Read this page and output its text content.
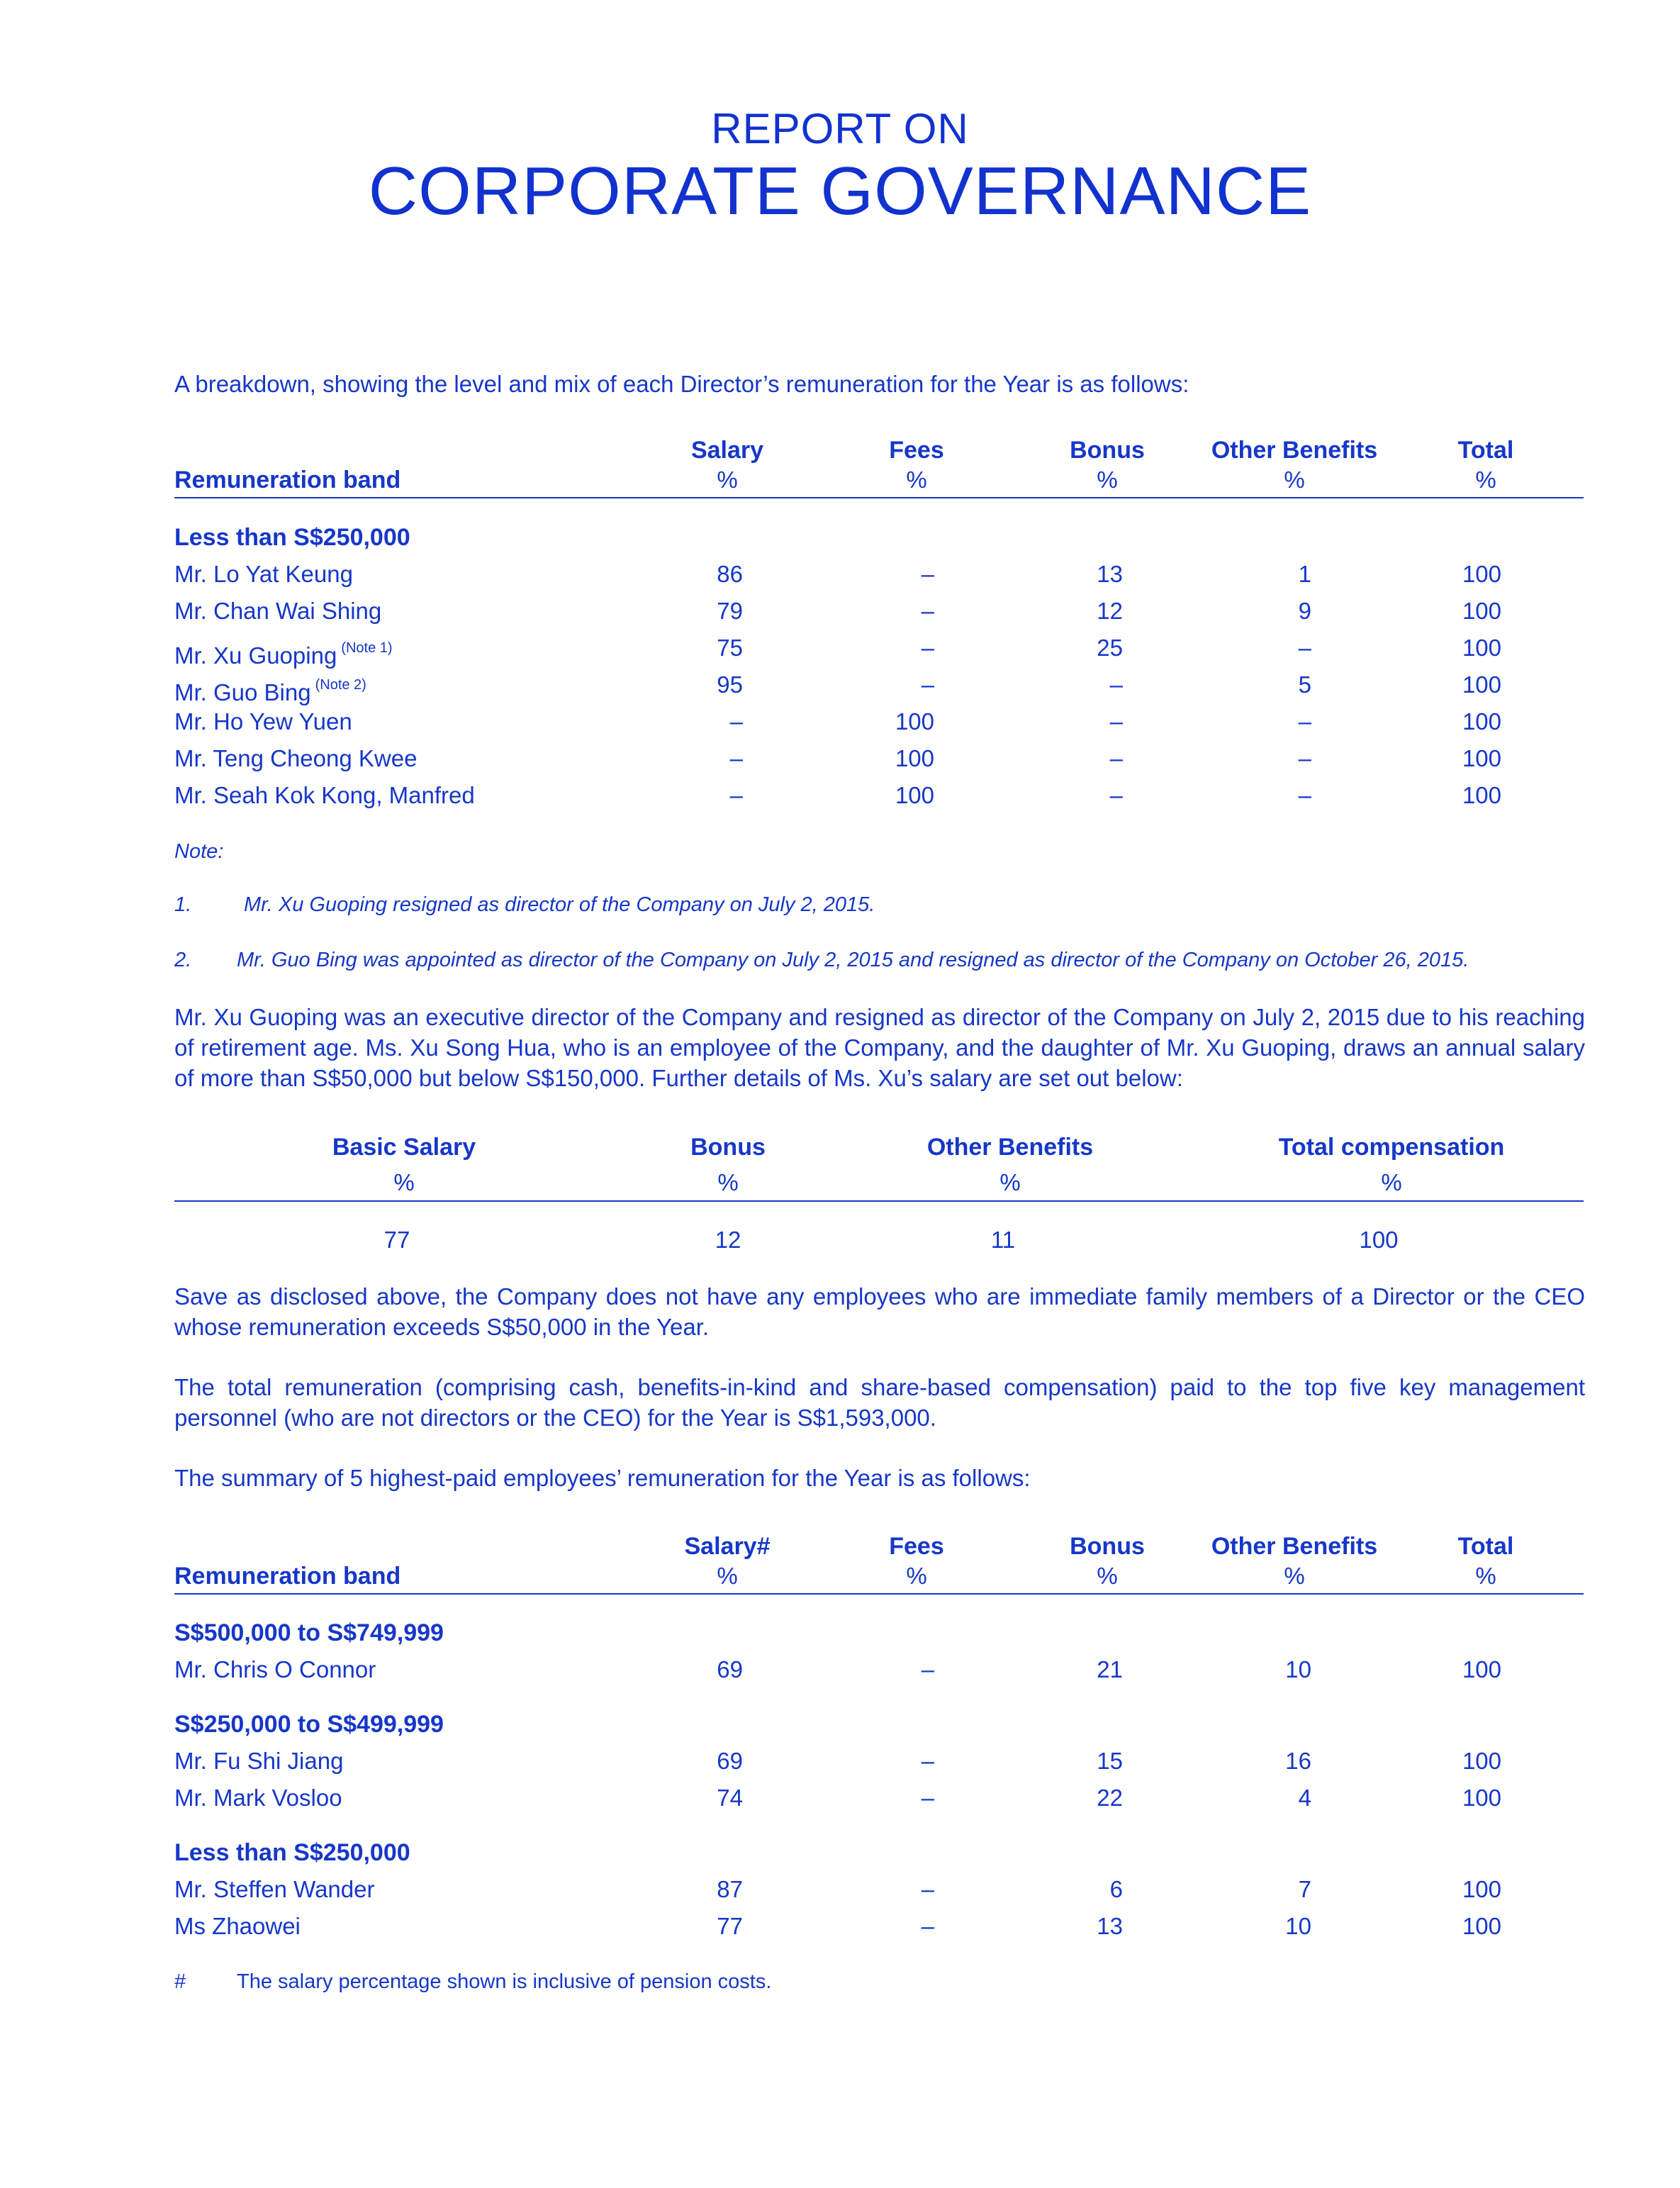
REPORT ON
CORPORATE GOVERNANCE

A breakdown, showing the level and mix of each Director’s remuneration for the Year is as follows:

Remuneration band
Salary	Fees	Bonus	Other Benefits	Total
%	%	%	%	%
Less than S$250,000
Mr. Lo Yat Keung	86	–	13	1	100
Mr. Chan Wai Shing	79	–	12	9	100
Mr. Xu Guoping $^{(Note 1)}$	75	–	25	–	100
Mr. Guo Bing $^{(Note 2)}$	95	–	–	5	100
Mr. Ho Yew Yuen	–	100	–	–	100
Mr. Teng Cheong Kwee	–	100	–	–	100
Mr. Seah Kok Kong, Manfred	–	100	–	–	100
Note:
1.	Mr. Xu Guoping resigned as director of the Company on July 2, 2015.
2. Mr. Guo Bing was appointed as director of the Company on July 2, 2015 and resigned as director of the Company on October 26, 2015.

Mr. Xu Guoping was an executive director of the Company and resigned as director of the Company on July 2, 2015 due to his reaching of retirement age. Ms. Xu Song Hua, who is an employee of the Company, and the daughter of Mr. Xu Guoping, draws an annual salary of more than S$50,000 but below S$150,000. Further details of Ms. Xu’s salary are set out below:

Basic Salary	Bonus	Other Benefits	Total compensation
%	%	%	%
77	12	11	100

Save as disclosed above, the Company does not have any employees who are immediate family members of a Director or the CEO whose remuneration exceeds S$50,000 in the Year.

The total remuneration (comprising cash, benefits-in-kind and share-based compensation) paid to the top five key management personnel (who are not directors or the CEO) for the Year is S$1,593,000.

The summary of 5 highest-paid employees’ remuneration for the Year is as follows:

Remuneration band
Salary#	Fees	Bonus	Other Benefits	Total
%	%	%	%	%
S$500,000 to S$749,999
Mr. Chris O Connor	69	–	21	10	100
S$250,000 to S$499,999
Mr. Fu Shi Jiang	69	–	15	16	100
Mr. Mark Vosloo	74	–	22	4	100
Less than S$250,000
Mr. Steffen Wander	87	–	6	7	100
Ms Zhaowei	77	–	13	10	100
# The salary percentage shown is inclusive of pension costs.
